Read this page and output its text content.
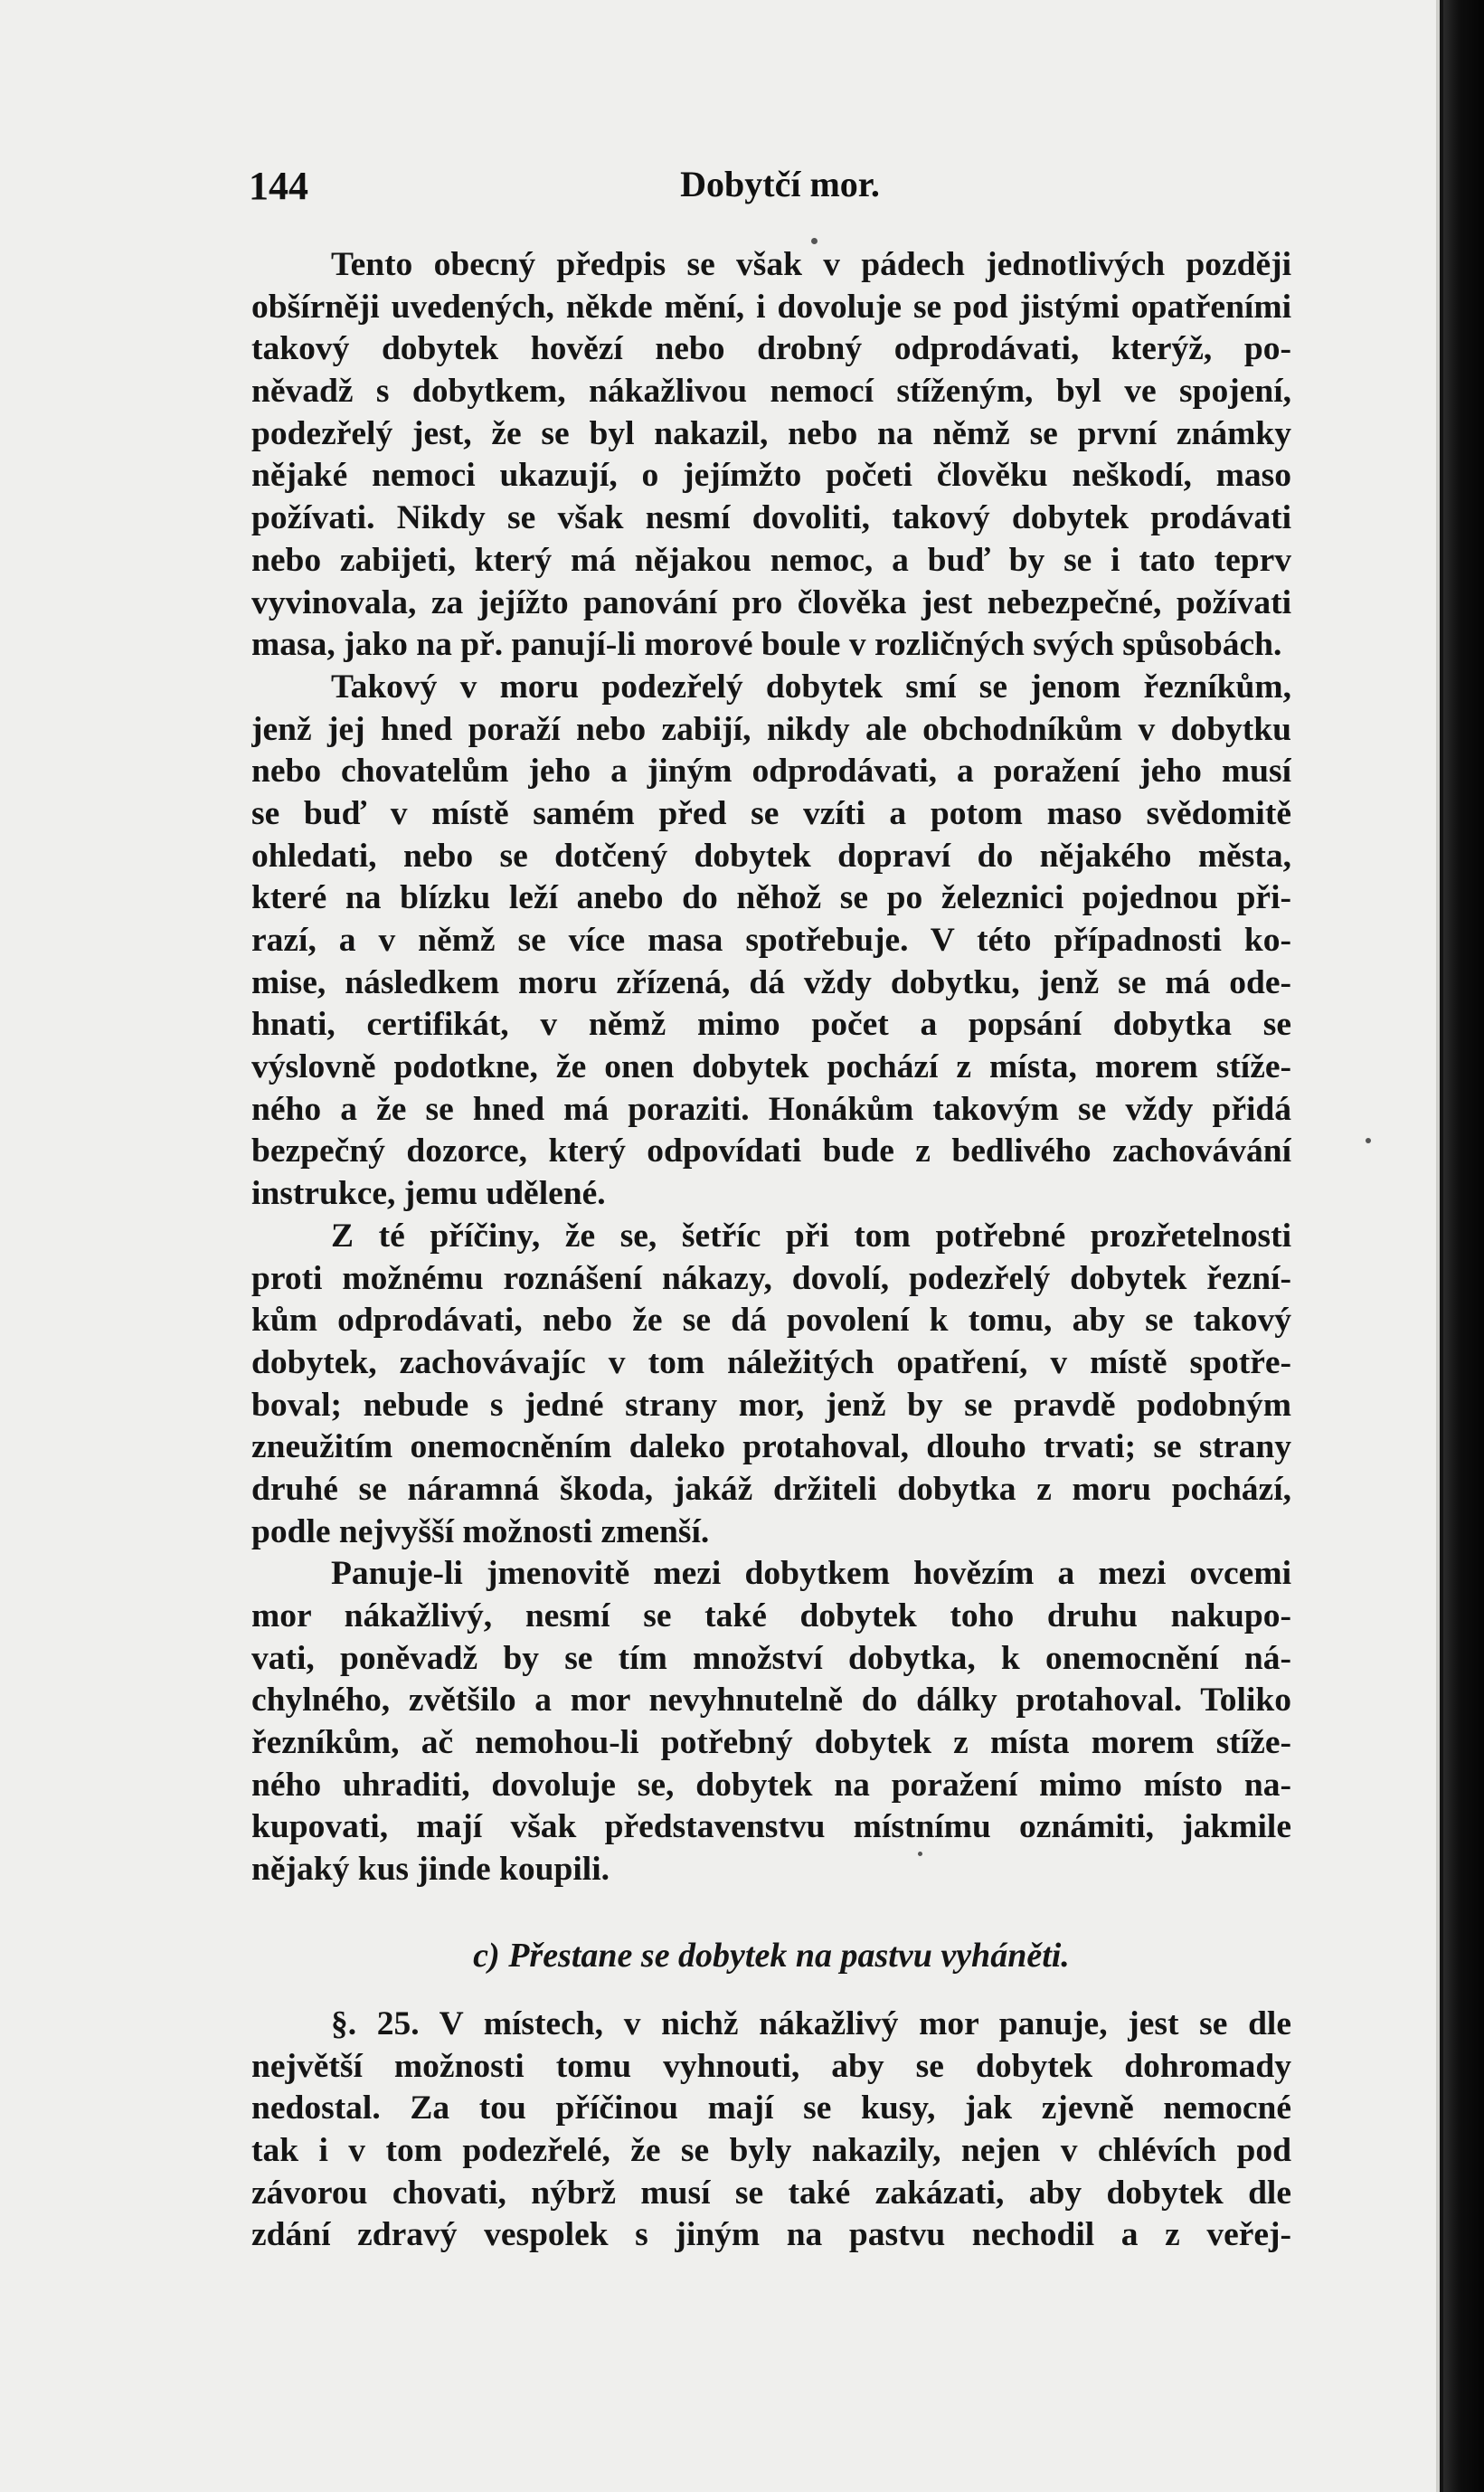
144	Dobytčí mor.
Tento obecný předpis se však v pádech jednotlivých později
obšírněji uvedených, někde mění, i dovoluje se pod jistými opatřeními
takový dobytek hovězí nebo drobný odprodávati, kterýž, po-
něvadž s dobytkem, nákažlivou nemocí stíženým, byl ve spojení,
podezřelý jest, že se byl nakazil, nebo na němž se první známky
nějaké nemoci ukazují, o jejímžto početi člověku neškodí, maso
požívati. Nikdy se však nesmí dovoliti, takový dobytek prodávati
nebo zabijeti, který má nějakou nemoc, a buď by se i tato teprv
vyvinovala, za jejížto panování pro člověka jest nebezpečné, požívati
masa, jako na př. panují-li morové boule v rozličných svých spůsobách.
Takový v moru podezřelý dobytek smí se jenom řezníkům,
jenž jej hned poraží nebo zabijí, nikdy ale obchodníkům v dobytku
nebo chovatelům jeho a jiným odprodávati, a poražení jeho musí
se buď v místě samém před se vzíti a potom maso svědomitě
ohledati, nebo se dotčený dobytek dopraví do nějakého města,
které na blízku leží anebo do něhož se po železnici pojednou při-
razí, a v němž se více masa spotřebuje. V této případnosti ko-
mise, následkem moru zřízená, dá vždy dobytku, jenž se má ode-
hnati, certifikát, v němž mimo počet a popsání dobytka se
výslovně podotkne, že onen dobytek pochází z místa, morem stíže-
ného a že se hned má poraziti. Honákům takovým se vždy přidá
bezpečný dozorce, který odpovídati bude z bedlivého zachovávání
instrukce, jemu udělené.
Z té příčiny, že se, šetříc při tom potřebné prozřetelnosti
proti možnému roznášení nákazy, dovolí, podezřelý dobytek řezní-
kům odprodávati, nebo že se dá povolení k tomu, aby se takový
dobytek, zachovávajíc v tom náležitých opatření, v místě spotře-
boval; nebude s jedné strany mor, jenž by se pravdě podobným
zneužitím onemocněním daleko protahoval, dlouho trvati; se strany
druhé se náramná škoda, jakáž držiteli dobytka z moru pochází,
podle nejvyšší možnosti zmenší.
Panuje-li jmenovitě mezi dobytkem hovězím a mezi ovcemi
mor nákažlivý, nesmí se také dobytek toho druhu nakupo-
vati, poněvadž by se tím množství dobytka, k onemocnění ná-
chylného, zvětšilo a mor nevyhnutelně do dálky protahoval. Toliko
řezníkům, ač nemohou-li potřebný dobytek z místa morem stíže-
ného uhraditi, dovoluje se, dobytek na poražení mimo místo na-
kupovati, mají však představenstvu místnímu oznámiti, jakmile
nějaký kus jinde koupili.
c) Přestane se dobytek na pastvu vyháněti.
§. 25. V místech, v nichž nákažlivý mor panuje, jest se dle
největší možnosti tomu vyhnouti, aby se dobytek dohromady
nedostal. Za tou příčinou mají se kusy, jak zjevně nemocné
tak i v tom podezřelé, že se byly nakazily, nejen v chlévích pod
závorou chovati, nýbrž musí se také zakázati, aby dobytek dle
zdání zdravý vespolek s jiným na pastvu nechodil a z veřej-
